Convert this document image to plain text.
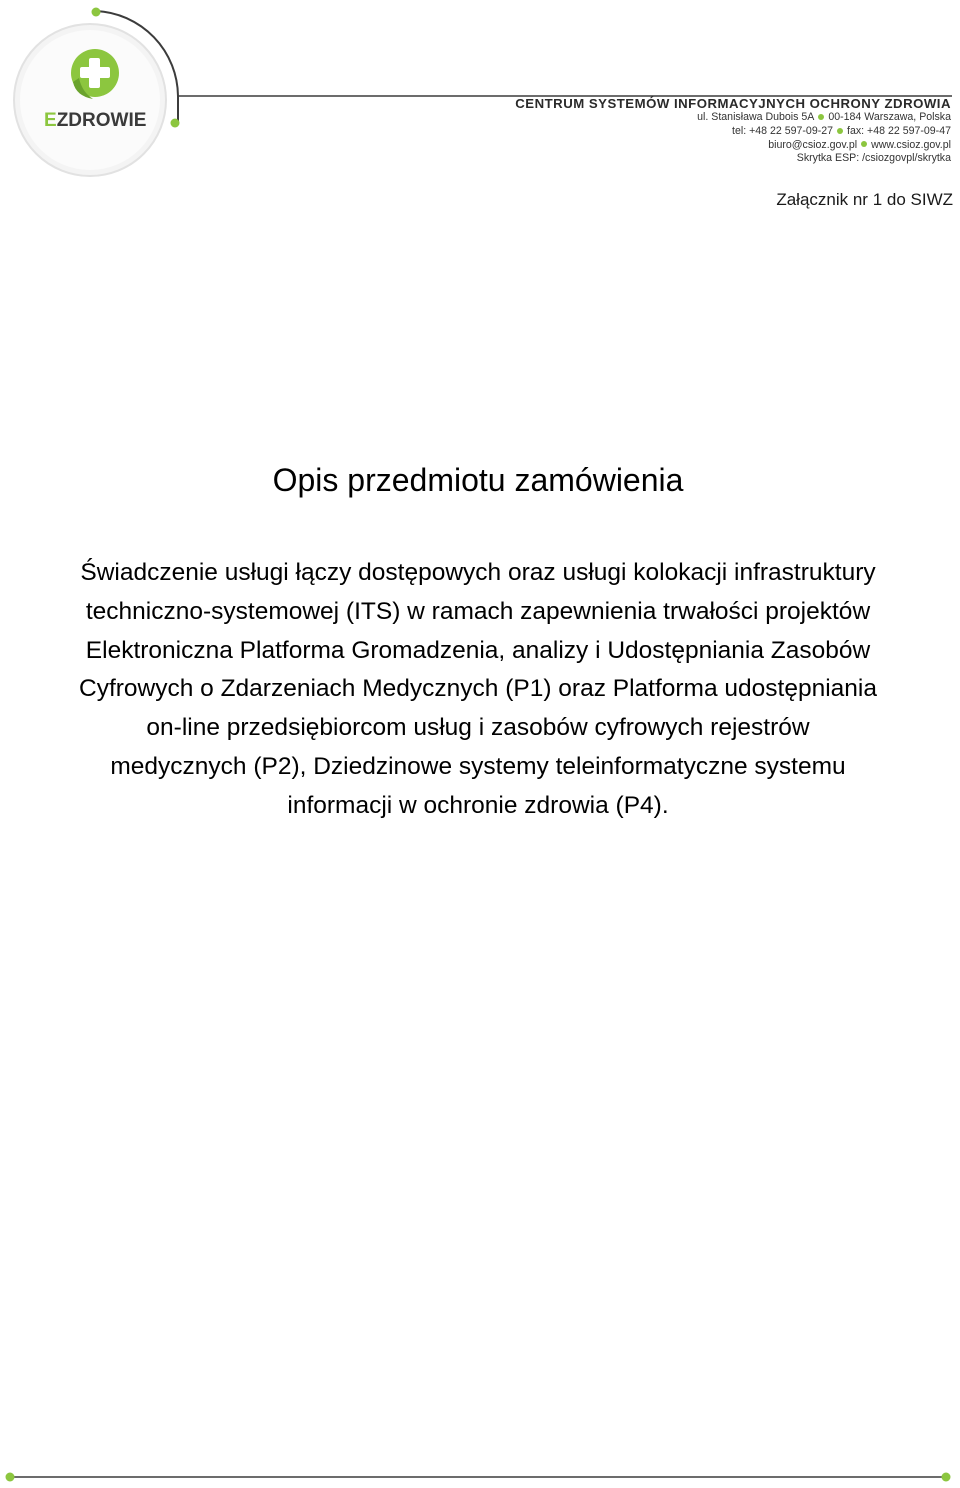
EZDROWIE
CENTRUM SYSTEMÓW INFORMACYJNYCH OCHRONY ZDROWIA
ul. Stanisława Dubois 5A 00-184 Warszawa, Polska
tel: +48 22 597-09-27 fax: +48 22 597-09-47
biuro@csioz.gov.pl www.csioz.gov.pl
Skrytka ESP: /csiozgovpl/skrytka
Załącznik nr 1 do SIWZ
Opis przedmiotu zamówienia
Świadczenie usługi łączy dostępowych oraz usługi kolokacji infrastruktury
techniczno-systemowej (ITS) w ramach zapewnienia trwałości projektów
Elektroniczna Platforma Gromadzenia, analizy i Udostępniania Zasobów
Cyfrowych o Zdarzeniach Medycznych (P1) oraz Platforma udostępniania
on-line przedsiębiorcom usług i zasobów cyfrowych rejestrów
medycznych (P2), Dziedzinowe systemy teleinformatyczne systemu
informacji w ochronie zdrowia (P4).
